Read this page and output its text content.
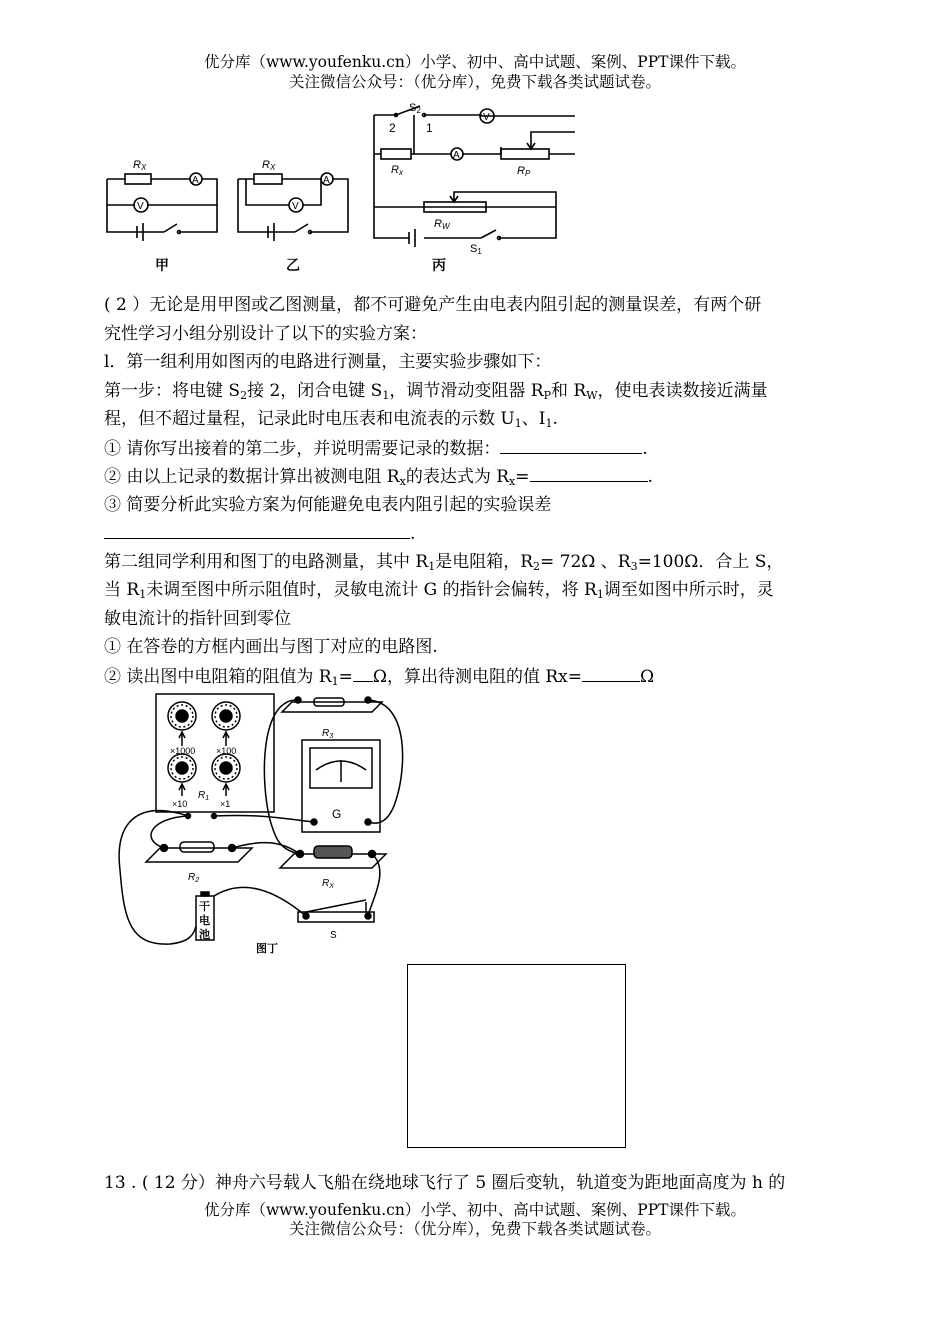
优分库（www.youfenku.cn）小学、初中、高中试题、案例、PPT课件下载。
关注微信公众号：（优分库），免费下载各类试题试卷。
RX
A
V
甲
RX
A
V
乙
S2
2	1
V
A
Rx	RP
RW
S1
丙
( 2 ）无论是用甲图或乙图测量，都不可避免产生由电表内阻引起的测量误差，有两个研
究性学习小组分别设计了以下的实验方案：
l．第一组利用如图丙的电路进行测量，主要实验步骤如下：
第一步：将电键 $S_2$接 2，闭合电键 $S_1$，调节滑动变阻器 $R_P$和 $R_W$，使电表读数接近满量
程，但不超过量程，记录此时电压表和电流表的示数 $U_1$、$I_1$.
① 请你写出接着的第二步，并说明需要记录的数据：	.
② 由以上记录的数据计算出被测电阻 $R_x$的表达式为 $R_x=$	.
③ 简要分析此实验方案为何能避免电表内阻引起的实验误差
.
第二组同学利用和图丁的电路测量，其中 $R_1$是电阻箱，$R_2= 72\Omega$ 、$R_3=100\Omega$．合上 S，
当 $R_1$未调至图中所示阻值时，灵敏电流计 G 的指针会偏转，将 $R_1$调至如图中所示时，灵
敏电流计的指针回到零位
① 在答卷的方框内画出与图丁对应的电路图.
② 读出图中电阻箱的阻值为 $R_1= \Omega$，算出待测电阻的值 Rx=	Ω
×1000 ×100
×10	×1
$R_1$
$R_3$
G
$R_2$	$R_X$
干
电
池	S
图丁
13 . ( 12 分）神舟六号载人飞船在绕地球飞行了 5 圈后变轨，轨道变为距地面高度为 h 的
优分库（www.youfenku.cn）小学、初中、高中试题、案例、PPT课件下载。
关注微信公众号：（优分库），免费下载各类试题试卷。
